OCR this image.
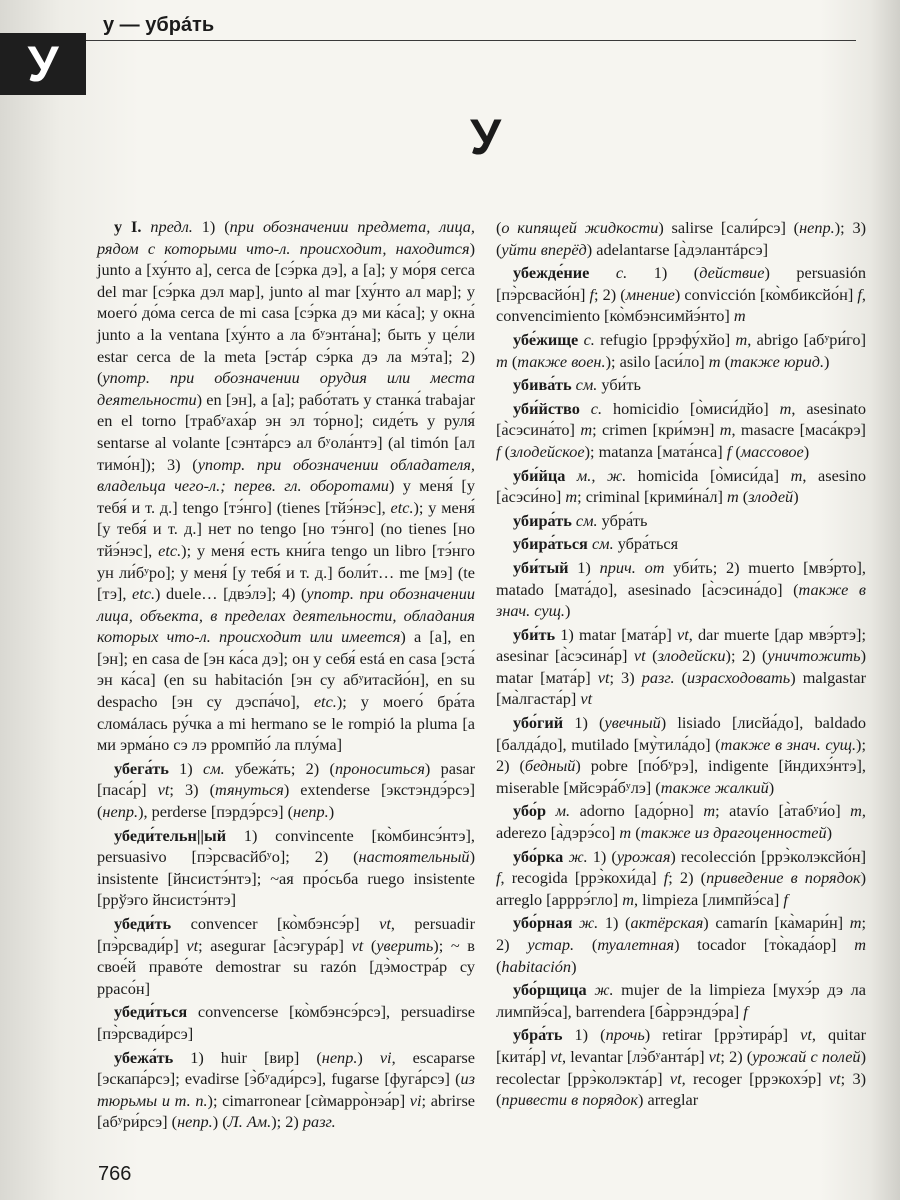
У
у — убра́ть
У

у I. предл. 1) (при обозначении предмета, лица, рядом с которыми что-л. происходит, находится) junto a [ху́нто а], cerca de [сэ́рка дэ], a [а]; у мо́ря cerca del mar [сэ́рка дэл мар], junto al mar [ху́нто ал мар]; у моего́ до́ма cerca de mi casa [сэ́рка дэ ми ка́са]; у окна́ junto a la ventana [ху́нто а ла бʸэнта́на]; быть у це́ли estar cerca de la meta [эста́р сэ́рка дэ ла мэ́та]; 2) (употр. при обозначении орудия или места деятельности) en [эн], a [а]; рабо́тать у станка́ trabajar en el torno [трабʸаха́р эн эл то́рно]; сиде́ть у руля́ sentarse al volante [сэнта́рсэ ал бʸола́нтэ] (al timón [ал тимо́н]); 3) (употр. при обозначении обладателя, владельца чего-л.; перев. гл. оборотами) у меня́ [у тебя́ и т. д.] tengo [тэ́нго] (tienes [тйэ́нэс], etc.); у меня́ [у тебя́ и т. д.] нет no tengo [но тэ́нго] (no tienes [но тйэ́нэс], etc.); у меня́ есть кни́га tengo un libro [тэ́нго ун ли́бʸро]; у меня́ [у тебя́ и т. д.] боли́т… me [мэ] (te [тэ], etc.) duele… [двэ́лэ]; 4) (употр. при обозначении лица, объекта, в пределах деятельности, обладания которых что-л. происходит или имеется) a [а], en [эн]; en casa de [эн ка́са дэ]; он у себя́ está en casa [эста́ эн ка́са] (en su habitación [эн су абʸитасйо́н], en su despacho [эн су дэспа́чо], etc.); у моего́ бра́та сломáлась ру́чка a mi hermano se le rompió la pluma [а ми эрма́но сэ лэ рромпйо́ ла плу́ма]

убега́ть 1) см. убежа́ть; 2) (проноситься) pasar [паса́р] vt; 3) (тянуться) extenderse [экстэндэ́рсэ] (непр.), perderse [пэрдэ́рсэ] (непр.)

убеди́тельн||ый 1) convincente [ко̀мбинсэ́нтэ], persuasivo [пэ̀рсвасйбʸо]; 2) (настоятельный) insistente [йнсистэ́нтэ]; ~ая про́сьба ruego insistente [ррўэго йнсистэ́нтэ]

убеди́ть convencer [ко̀мбэнсэ́р] vt, persuadir [пэ̀рсвади́р] vt; asegurar [а̀сэгура́р] vt (уверить); ~ в свое́й право́те demostrar su razón [дэ̀мостра́р су ррасо́н]

убеди́ться convencerse [ко̀мбэнсэ́рсэ], persuadirse [пэ̀рсвади́рсэ]

убежа́ть 1) huir [вир] (непр.) vi, escaparse [эскапа́рсэ]; evadirse [э̀бʸади́рсэ], fugarse [фуга́рсэ] (из тюрьмы и т. п.); cimarronear [сѝмарро̀нэа́р] vi; abrirse [абʸри́рсэ] (непр.) (Л. Ам.); 2) разг.

(о кипящей жидкости) salirse [сали́рсэ] (непр.); 3) (уйти вперёд) adelantarse [а̀дэлантáрсэ]

убежде́ние с. 1) (действие) persuasión [пэ̀рсвасйо́н] f; 2) (мнение) convicción [ко̀мбиксйо́н] f, convencimiento [ко̀мбэнсимйэ́нто] m

убе́жище с. refugio [ррэфу́хйо] m, abrigo [абʸри́го] m (также воен.); asilo [аси́ло] m (также юрид.)

убива́ть см. уби́ть

уби́йство с. homicidio [о̀миси́дйо] m, asesinato [а̀сэсина́то] m; crimen [кри́мэн] m, masacre [маса́крэ] f (злодейское); matanza [мата́нса] f (массовое)

уби́йца м., ж. homicida [о̀миси́да] m, asesino [а̀сэси́но] m; criminal [крими́на́л] m (злодей)

убира́ть см. убра́ть

убира́ться см. убра́ться

уби́тый 1) прич. от уби́ть; 2) muerto [мвэ́рто], matado [мата́до], asesinado [а̀сэсина́до] (также в знач. сущ.)

уби́ть 1) matar [мата́р] vt, dar muerte [дар мвэ́ртэ]; asesinar [а̀сэсина́р] vt (злодейски); 2) (уничтожить) matar [мата́р] vt; 3) разг. (израсходовать) malgastar [ма̀лгаста́р] vt

убо́гий 1) (увечный) lisiado [лисйа́до], baldado [балда́до], mutilado [му̀тила́до] (также в знач. сущ.); 2) (бедный) pobre [по́бʸрэ], indigente [йндихэ́нтэ], miserable [мйсэра́бʸлэ] (также жалкий)

убо́р м. adorno [адо́рно] m; atavío [а̀табʸи́о] m, aderezo [а̀дэрэ́со] m (также из драгоценностей)

убо́рка ж. 1) (урожая) recolección [ррэ̀колэксйо́н] f, recogida [ррэ̀кохи́да] f; 2) (приведение в порядок) arreglo [арррэ́гло] m, limpieza [лимпйэ́са] f

убо́рная ж. 1) (актёрская) camarín [ка̀мари́н] m; 2) устар. (туалетная) tocador [то̀када́ор] m (habitación)

убо́рщица ж. mujer de la limpieza [мухэ́р дэ ла лимпйэ́са], barrendera [ба̀ррэндэ́ра] f

убра́ть 1) (прочь) retirar [ррэ̀тира́р] vt, quitar [кита́р] vt, levantar [лэ̀бʸанта́р] vt; 2) (урожай с полей) recolectar [ррэ̀колэкта́р] vt, recoger [ррэкохэ́р] vt; 3) (привести в порядок) arreglar

766
